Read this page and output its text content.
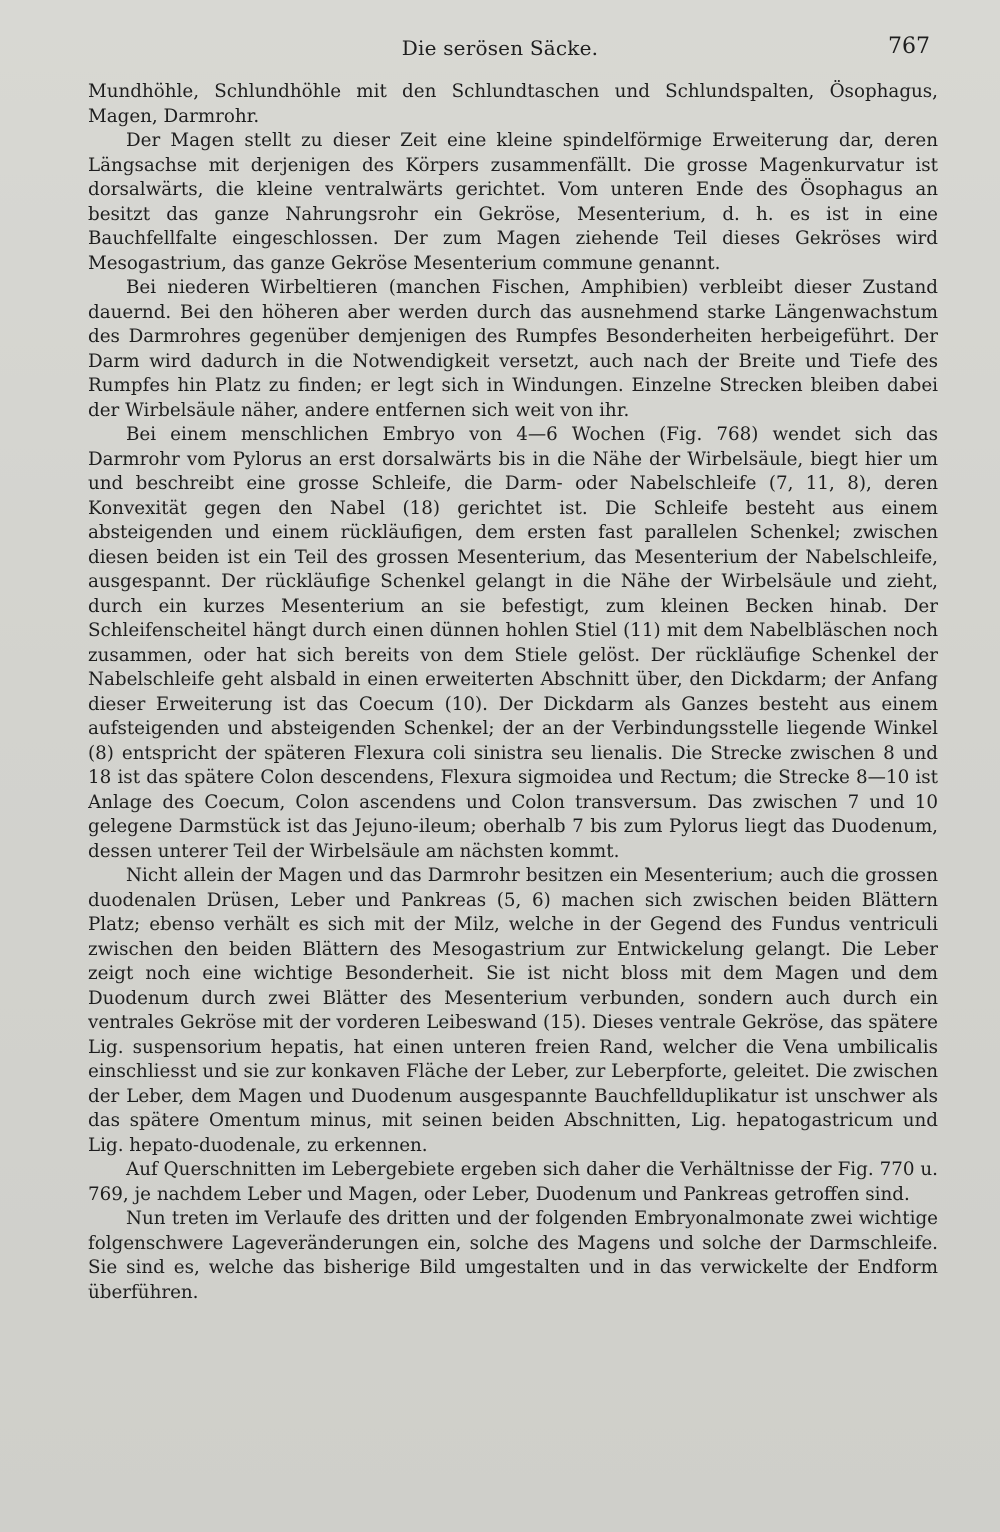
Die serösen Säcke.	767

Mundhöhle, Schlundhöhle mit den Schlundtaschen und Schlundspalten, Ösophagus, Magen, Darmrohr.

Der Magen stellt zu dieser Zeit eine kleine spindelförmige Erweiterung dar, deren Längsachse mit derjenigen des Körpers zusammenfällt. Die grosse Magenkurvatur ist dorsalwärts, die kleine ventralwärts gerichtet. Vom unteren Ende des Ösophagus an besitzt das ganze Nahrungsrohr ein Gekröse, Mesenterium, d. h. es ist in eine Bauchfellfalte eingeschlossen. Der zum Magen ziehende Teil dieses Gekröses wird Mesogastrium, das ganze Gekröse Mesenterium commune genannt.

Bei niederen Wirbeltieren (manchen Fischen, Amphibien) verbleibt dieser Zustand dauernd. Bei den höheren aber werden durch das ausnehmend starke Längenwachstum des Darmrohres gegenüber demjenigen des Rumpfes Besonderheiten herbeigeführt. Der Darm wird dadurch in die Notwendigkeit versetzt, auch nach der Breite und Tiefe des Rumpfes hin Platz zu finden; er legt sich in Windungen. Einzelne Strecken bleiben dabei der Wirbelsäule näher, andere entfernen sich weit von ihr.

Bei einem menschlichen Embryo von 4—6 Wochen (Fig. 768) wendet sich das Darmrohr vom Pylorus an erst dorsalwärts bis in die Nähe der Wirbelsäule, biegt hier um und beschreibt eine grosse Schleife, die Darm- oder Nabelschleife (7, 11, 8), deren Konvexität gegen den Nabel (18) gerichtet ist. Die Schleife besteht aus einem absteigenden und einem rückläufigen, dem ersten fast parallelen Schenkel; zwischen diesen beiden ist ein Teil des grossen Mesenterium, das Mesenterium der Nabelschleife, ausgespannt. Der rückläufige Schenkel gelangt in die Nähe der Wirbelsäule und zieht, durch ein kurzes Mesenterium an sie befestigt, zum kleinen Becken hinab. Der Schleifenscheitel hängt durch einen dünnen hohlen Stiel (11) mit dem Nabelbläschen noch zusammen, oder hat sich bereits von dem Stiele gelöst. Der rückläufige Schenkel der Nabelschleife geht alsbald in einen erweiterten Abschnitt über, den Dickdarm; der Anfang dieser Erweiterung ist das Coecum (10). Der Dickdarm als Ganzes besteht aus einem aufsteigenden und absteigenden Schenkel; der an der Verbindungsstelle liegende Winkel (8) entspricht der späteren Flexura coli sinistra seu lienalis. Die Strecke zwischen 8 und 18 ist das spätere Colon descendens, Flexura sigmoidea und Rectum; die Strecke 8—10 ist Anlage des Coecum, Colon ascendens und Colon transversum. Das zwischen 7 und 10 gelegene Darmstück ist das Jejuno-ileum; oberhalb 7 bis zum Pylorus liegt das Duodenum, dessen unterer Teil der Wirbelsäule am nächsten kommt.

Nicht allein der Magen und das Darmrohr besitzen ein Mesenterium; auch die grossen duodenalen Drüsen, Leber und Pankreas (5, 6) machen sich zwischen beiden Blättern Platz; ebenso verhält es sich mit der Milz, welche in der Gegend des Fundus ventriculi zwischen den beiden Blättern des Mesogastrium zur Entwickelung gelangt. Die Leber zeigt noch eine wichtige Besonderheit. Sie ist nicht bloss mit dem Magen und dem Duodenum durch zwei Blätter des Mesenterium verbunden, sondern auch durch ein ventrales Gekröse mit der vorderen Leibeswand (15). Dieses ventrale Gekröse, das spätere Lig. suspensorium hepatis, hat einen unteren freien Rand, welcher die Vena umbilicalis einschliesst und sie zur konkaven Fläche der Leber, zur Leberpforte, geleitet. Die zwischen der Leber, dem Magen und Duodenum ausgespannte Bauchfellduplikatur ist unschwer als das spätere Omentum minus, mit seinen beiden Abschnitten, Lig. hepatogastricum und Lig. hepato-duodenale, zu erkennen.

Auf Querschnitten im Lebergebiete ergeben sich daher die Verhältnisse der Fig. 770 u. 769, je nachdem Leber und Magen, oder Leber, Duodenum und Pankreas getroffen sind.

Nun treten im Verlaufe des dritten und der folgenden Embryonalmonate zwei wichtige folgenschwere Lageveränderungen ein, solche des Magens und solche der Darmschleife. Sie sind es, welche das bisherige Bild umgestalten und in das verwickelte der Endform überführen.
